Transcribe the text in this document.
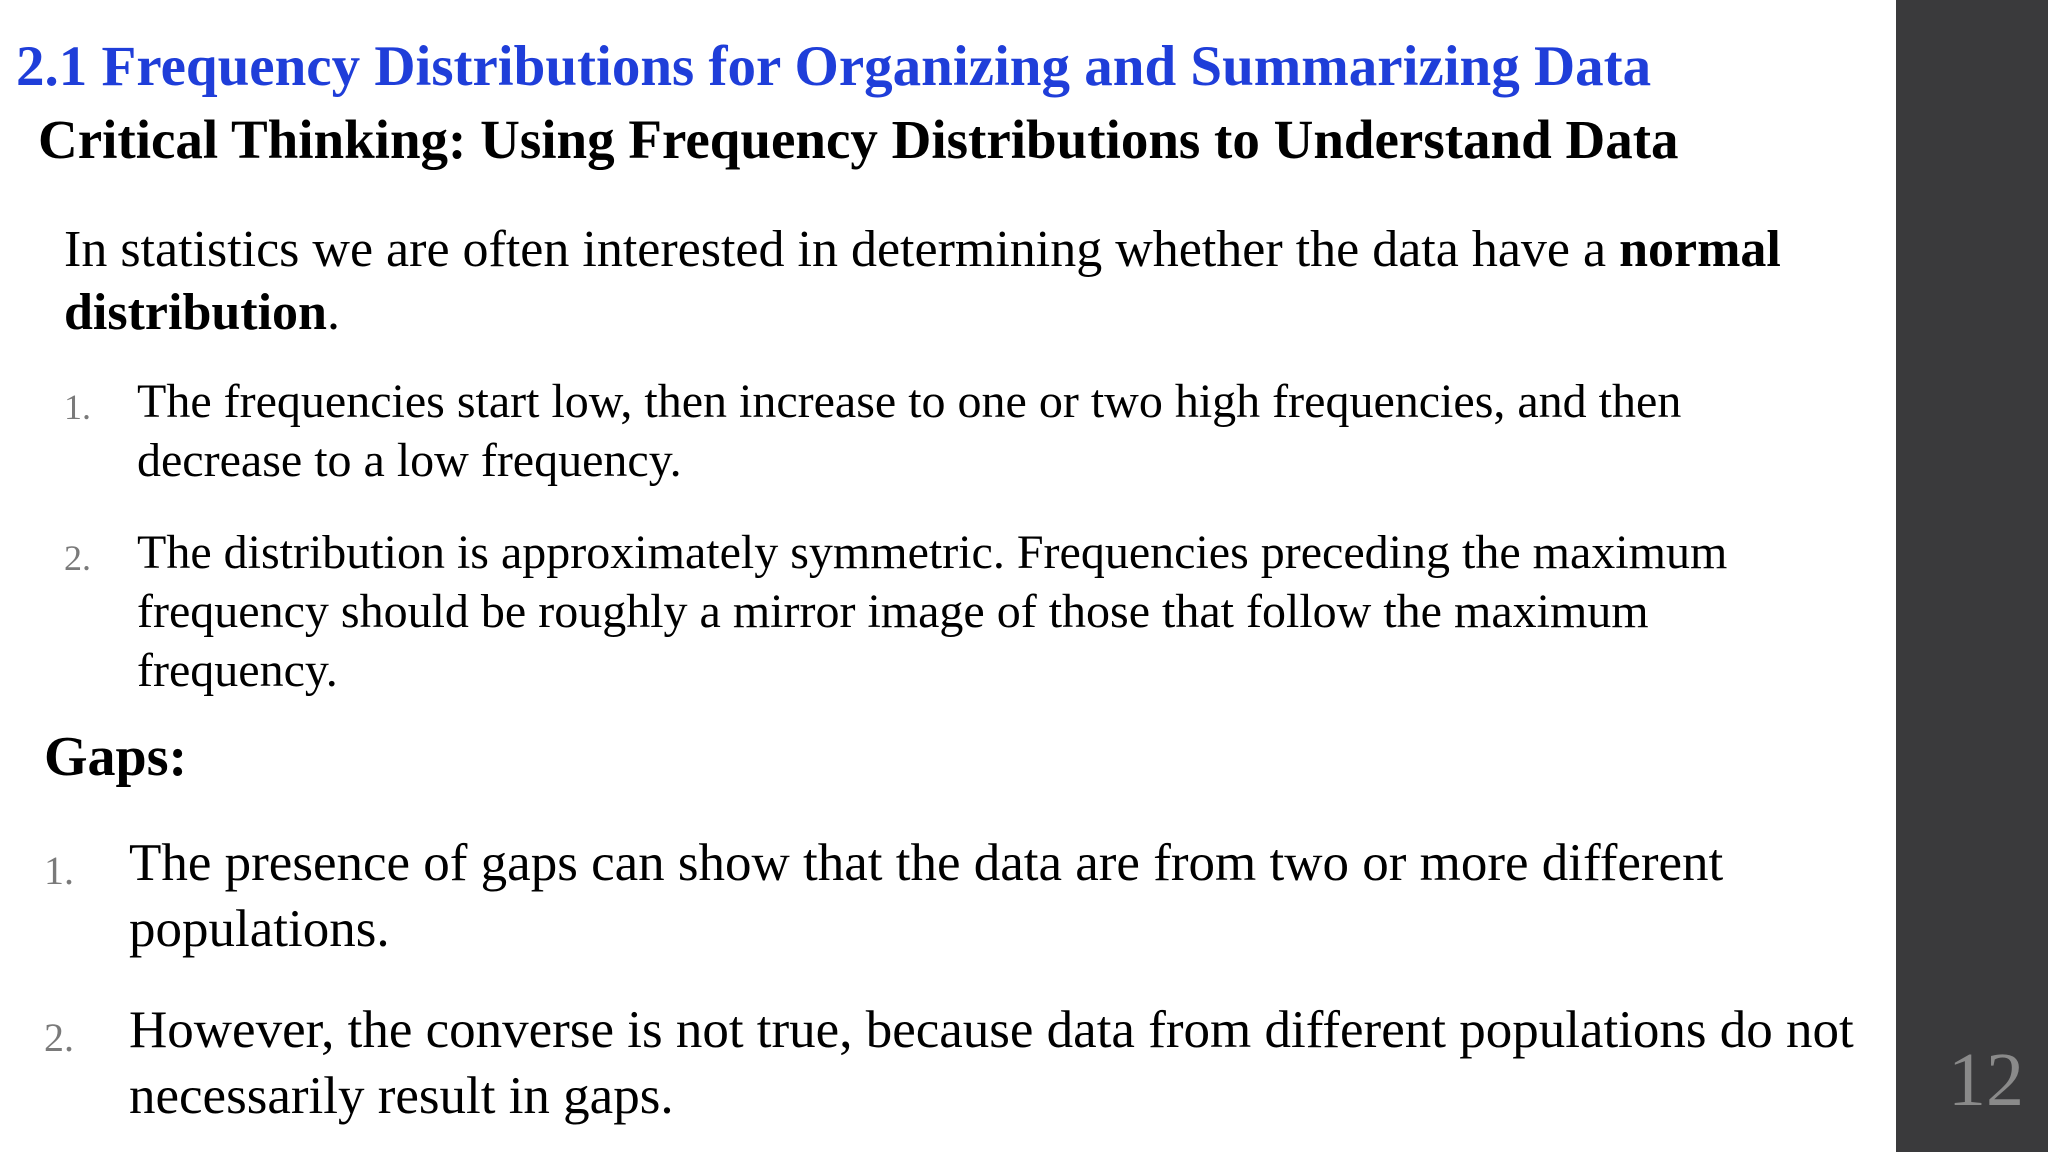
2.1 Frequency Distributions for Organizing and Summarizing Data
Critical Thinking: Using Frequency Distributions to Understand Data
In statistics we are often interested in determining whether the data have a normal distribution.
1. The frequencies start low, then increase to one or two high frequencies, and then decrease to a low frequency.
2. The distribution is approximately symmetric. Frequencies preceding the maximum frequency should be roughly a mirror image of those that follow the maximum frequency.
Gaps:
1. The presence of gaps can show that the data are from two or more different populations.
2. However, the converse is not true, because data from different populations do not necessarily result in gaps.	12
